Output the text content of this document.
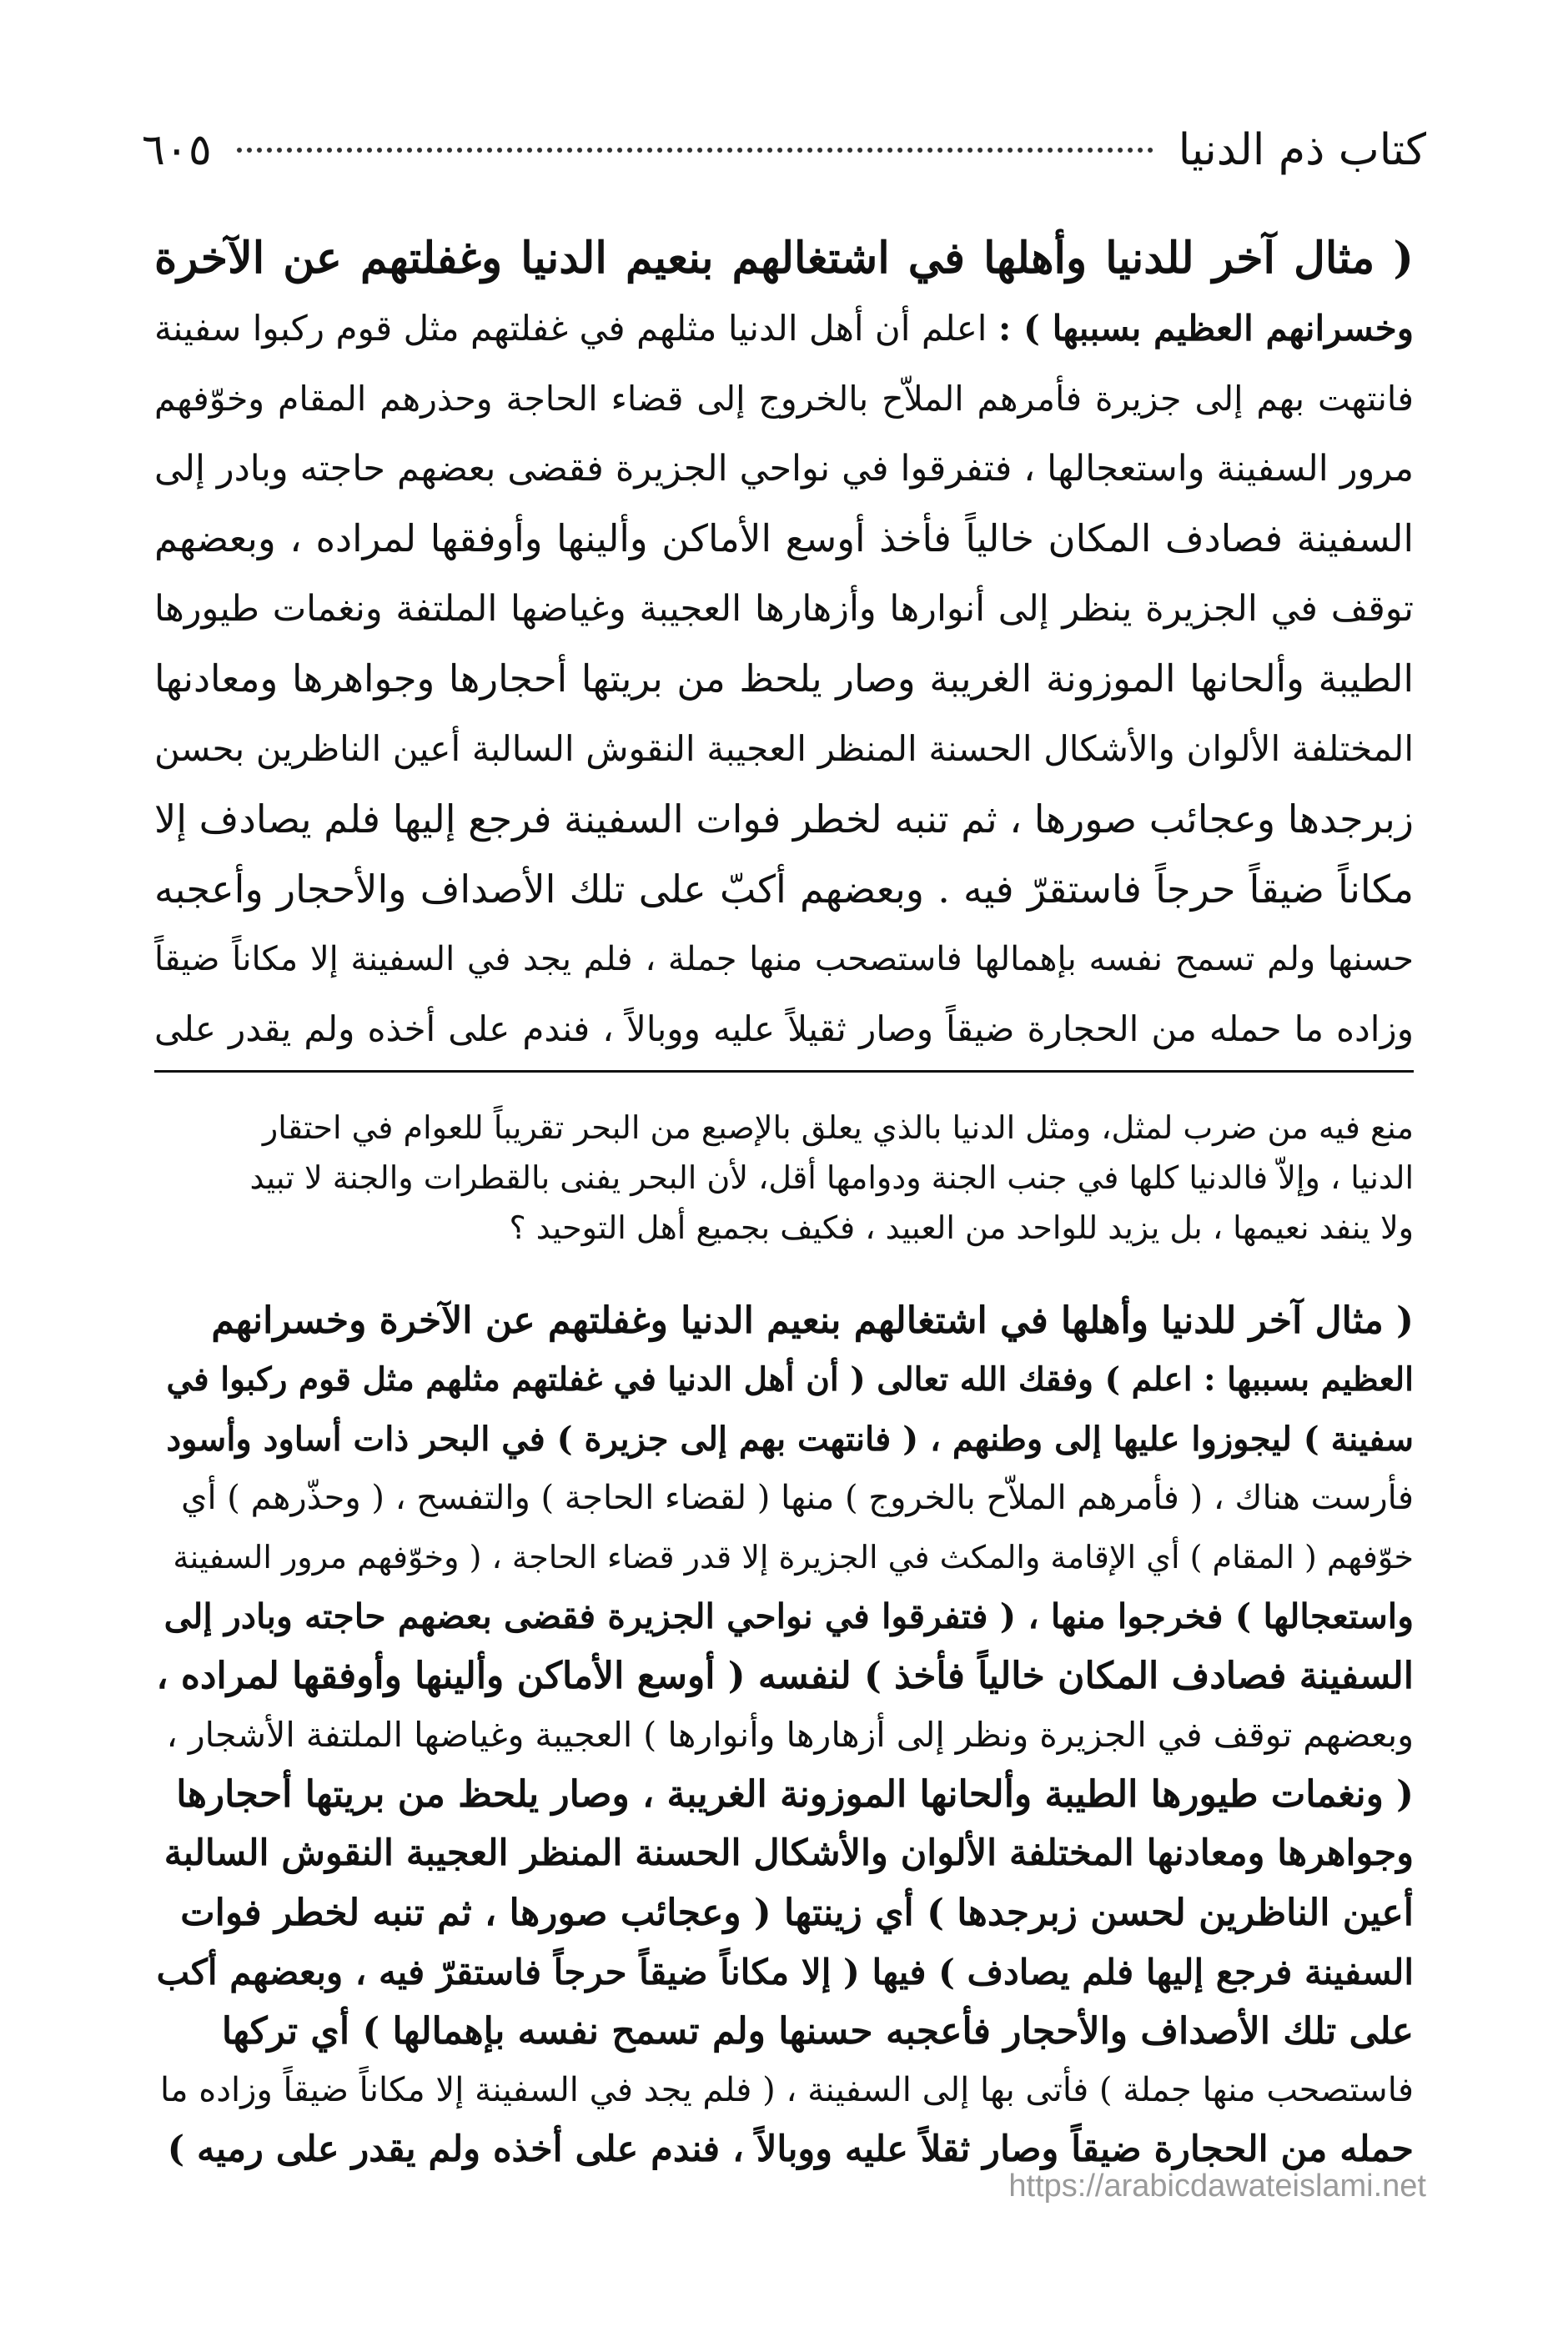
كتاب ذم الدنيا
٦٠٥
( مثال آخر للدنيا وأهلها في اشتغالهم بنعيم الدنيا وغفلتهم عن الآخرة
وخسرانهم العظيم بسببها ) : اعلم أن أهل الدنيا مثلهم في غفلتهم مثل قوم ركبوا سفينة
فانتهت بهم إلى جزيرة فأمرهم الملاّح بالخروج إلى قضاء الحاجة وحذرهم المقام وخوّفهم
مرور السفينة واستعجالها ، فتفرقوا في نواحي الجزيرة فقضى بعضهم حاجته وبادر إلى
السفينة فصادف المكان خالياً فأخذ أوسع الأماكن وألينها وأوفقها لمراده ، وبعضهم
توقف في الجزيرة ينظر إلى أنوارها وأزهارها العجيبة وغياضها الملتفة ونغمات طيورها
الطيبة وألحانها الموزونة الغريبة وصار يلحظ من بريتها أحجارها وجواهرها ومعادنها
المختلفة الألوان والأشكال الحسنة المنظر العجيبة النقوش السالبة أعين الناظرين بحسن
زبرجدها وعجائب صورها ، ثم تنبه لخطر فوات السفينة فرجع إليها فلم يصادف إلا
مكاناً ضيقاً حرجاً فاستقرّ فيه . وبعضهم أكبّ على تلك الأصداف والأحجار وأعجبه
حسنها ولم تسمح نفسه بإهمالها فاستصحب منها جملة ، فلم يجد في السفينة إلا مكاناً ضيقاً
وزاده ما حمله من الحجارة ضيقاً وصار ثقيلاً عليه ووبالاً ، فندم على أخذه ولم يقدر على
منع فيه من ضرب لمثل، ومثل الدنيا بالذي يعلق بالإصبع من البحر تقريباً للعوام في احتقار
الدنيا ، وإلاّ فالدنيا كلها في جنب الجنة ودوامها أقل، لأن البحر يفنى بالقطرات والجنة لا تبيد
ولا ينفد نعيمها ، بل يزيد للواحد من العبيد ، فكيف بجميع أهل التوحيد ؟
( مثال آخر للدنيا وأهلها في اشتغالهم بنعيم الدنيا وغفلتهم عن الآخرة وخسرانهم
العظيم بسببها : اعلم ) وفقك الله تعالى ( أن أهل الدنيا في غفلتهم مثلهم مثل قوم ركبوا في
سفينة ) ليجوزوا عليها إلى وطنهم ، ( فانتهت بهم إلى جزيرة ) في البحر ذات أساود وأسود
فأرست هناك ، ( فأمرهم الملاّح بالخروج ) منها ( لقضاء الحاجة ) والتفسح ، ( وحذّرهم ) أي
خوّفهم ( المقام ) أي الإقامة والمكث في الجزيرة إلا قدر قضاء الحاجة ، ( وخوّفهم مرور السفينة
واستعجالها ) فخرجوا منها ، ( فتفرقوا في نواحي الجزيرة فقضى بعضهم حاجته وبادر إلى
السفينة فصادف المكان خالياً فأخذ ) لنفسه ( أوسع الأماكن وألينها وأوفقها لمراده ،
وبعضهم توقف في الجزيرة ونظر إلى أزهارها وأنوارها ) العجيبة وغياضها الملتفة الأشجار ،
( ونغمات طيورها الطيبة وألحانها الموزونة الغريبة ، وصار يلحظ من بريتها أحجارها
وجواهرها ومعادنها المختلفة الألوان والأشكال الحسنة المنظر العجيبة النقوش السالبة
أعين الناظرين لحسن زبرجدها ) أي زينتها ( وعجائب صورها ، ثم تنبه لخطر فوات
السفينة فرجع إليها فلم يصادف ) فيها ( إلا مكاناً ضيقاً حرجاً فاستقرّ فيه ، وبعضهم أكب
على تلك الأصداف والأحجار فأعجبه حسنها ولم تسمح نفسه بإهمالها ) أي تركها
فاستصحب منها جملة ) فأتى بها إلى السفينة ، ( فلم يجد في السفينة إلا مكاناً ضيقاً وزاده ما
حمله من الحجارة ضيقاً وصار ثقلاً عليه ووبالاً ، فندم على أخذه ولم يقدر على رميه )
https://arabicdawateislami.net
